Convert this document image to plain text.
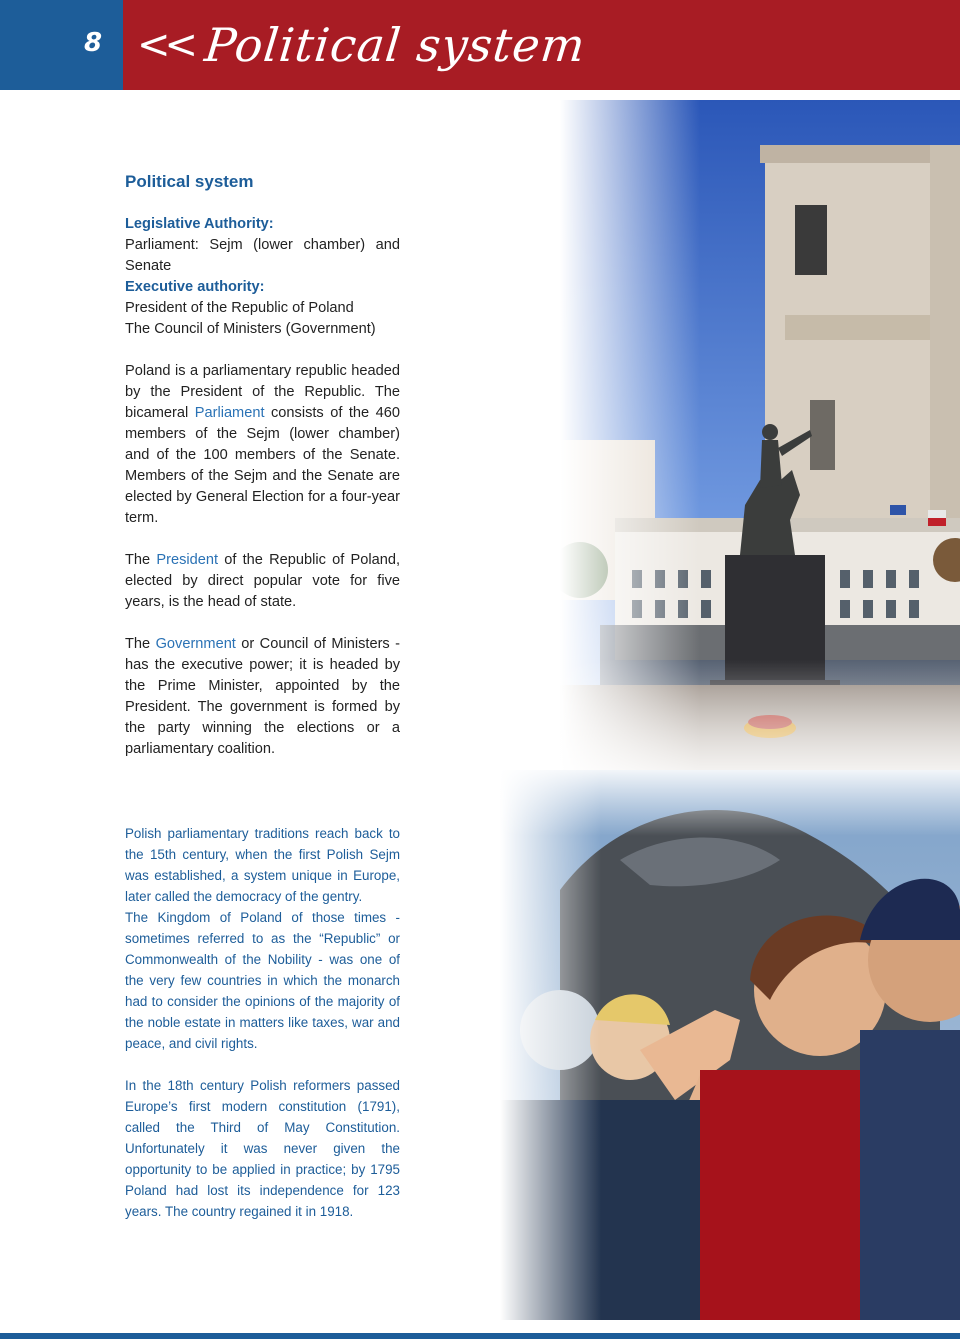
8 << Political system
Political system
Legislative Authority:

Parliament: Sejm (lower chamber) and Senate

Executive authority:

President of the Republic of Poland

The Council of Ministers (Government)

Poland is a parliamentary republic headed by the President of the Republic. The bicameral Parliament consists of the 460 members of the Sejm (lower chamber) and of the 100 members of the Senate. Members of the Sejm and the Senate are elected by General Election for a four-year term.

The President of the Republic of Poland, elected by direct popular vote for five years, is the head of state.

The Government or Council of Ministers - has the executive power; it is headed by the Prime Minister, appointed by the President. The government is formed by the party winning the elections or a parliamentary coalition.

Polish parliamentary traditions reach back to the 15th century, when the first Polish Sejm was established, a system unique in Europe, later called the democracy of the gentry.

The Kingdom of Poland of those times - sometimes referred to as the “Republic” or Commonwealth of the Nobility - was one of the very few countries in which the monarch had to consider the opinions of the majority of the noble estate in matters like taxes, war and peace, and civil rights.

In the 18th century Polish reformers passed Europe’s first modern constitution (1791), called the Third of May Constitution. Unfortunately it was never given the opportunity to be applied in practice; by 1795 Poland had lost its independence for 123 years. The country regained it in 1918.
